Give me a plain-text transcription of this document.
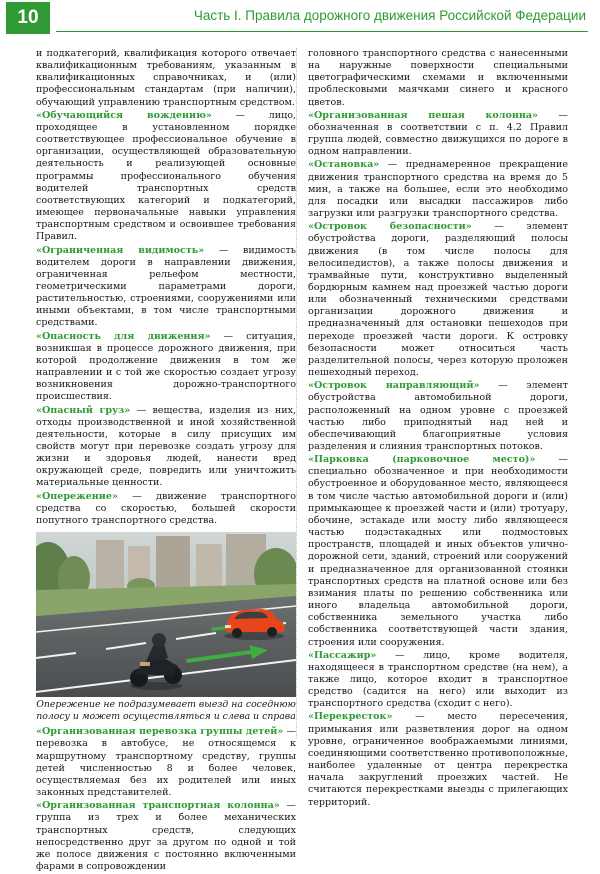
10	Часть I. Правила дорожного движения Российской Федерации

и подкатегорий, квалификация которого отвечает квалификационным требованиям, указанным в квалификационных справочниках, и (или) профессиональным стандартам (при наличии), обучающий управлению транспортным средством.

«Обучающийся вождению» — лицо, проходящее в установленном порядке соответствующее профессиональное обучение в организации, осуществляющей образовательную деятельность и реализующей основные программы профессионального обучения водителей транспортных средств соответствующих категорий и подкатегорий, имеющее первоначальные навыки управления транспортным средством и освоившее требования Правил.

«Ограниченная видимость» — видимость водителем дороги в направлении движения, ограниченная рельефом местности, геометрическими параметрами дороги, растительностью, строениями, сооружениями или иными объектами, в том числе транспортными средствами.

«Опасность для движения» — ситуация, возникшая в процессе дорожного движения, при которой продолжение движения в том же направлении и с той же скоростью создает угрозу возникновения дорожно-транспортного происшествия.

«Опасный груз» — вещества, изделия из них, отходы производственной и иной хозяйственной деятельности, которые в силу присущих им свойств могут при перевозке создать угрозу для жизни и здоровья людей, нанести вред окружающей среде, повредить или уничтожить материальные ценности.

«Опережение» — движение транспортного средства со скоростью, большей скорости попутного транспортного средства.

Опережение не подразумевает выезд на соседнюю полосу и может осуществляться и слева и справа

«Организованная перевозка группы детей» — перевозка в автобусе, не относящемся к маршрутному транспортному средству, группы детей численностью 8 и более человек, осуществляемая без их родителей или иных законных представителей.

«Организованная транспортная колонна» — группа из трех и более механических транспортных средств, следующих непосредственно друг за другом по одной и той же полосе движения с постоянно включенными фарами в сопровождении

головного транспортного средства с нанесенными на наружные поверхности специальными цветографическими схемами и включенными проблесковыми маячками синего и красного цветов.

«Организованная пешая колонна» — обозначенная в соответствии с п. 4.2 Правил группа людей, совместно движущихся по дороге в одном направлении.

«Остановка» — преднамеренное прекращение движения транспортного средства на время до 5 мин, а также на большее, если это необходимо для посадки или высадки пассажиров либо загрузки или разгрузки транспортного средства.

«Островок безопасности» — элемент обустройства дороги, разделяющий полосы движения (в том числе полосы для велосипедистов), а также полосы движения и трамвайные пути, конструктивно выделенный бордюрным камнем над проезжей частью дороги или обозначенный техническими средствами организации дорожного движения и предназначенный для остановки пешеходов при переходе проезжей части дороги. К островку безопасности может относиться часть разделительной полосы, через которую проложен пешеходный переход.

«Островок направляющий» — элемент обустройства автомобильной дороги, расположенный на одном уровне с проезжей частью либо приподнятый над ней и обеспечивающий благоприятные условия разделения и слияния транспортных потоков.

«Парковка (парковочное место)» — специально обозначенное и при необходимости обустроенное и оборудованное место, являющееся в том числе частью автомобильной дороги и (или) примыкающее к проезжей части и (или) тротуару, обочине, эстакаде или мосту либо являющееся частью подэстакадных или подмостовых пространств, площадей и иных объектов улично-дорожной сети, зданий, строений или сооружений и предназначенное для организованной стоянки транспортных средств на платной основе или без взимания платы по решению собственника или иного владельца автомобильной дороги, собственника земельного участка либо собственника соответствующей части здания, строения или сооружения.

«Пассажир» — лицо, кроме водителя, находящееся в транспортном средстве (на нем), а также лицо, которое входит в транспортное средство (садится на него) или выходит из транспортного средства (сходит с него).

«Перекресток» — место пересечения, примыкания или разветвления дорог на одном уровне, ограниченное воображаемыми линиями, соединяющими соответственно противоположные, наиболее удаленные от центра перекрестка начала закруглений проезжих частей. Не считаются перекрестками выезды с прилегающих территорий.
